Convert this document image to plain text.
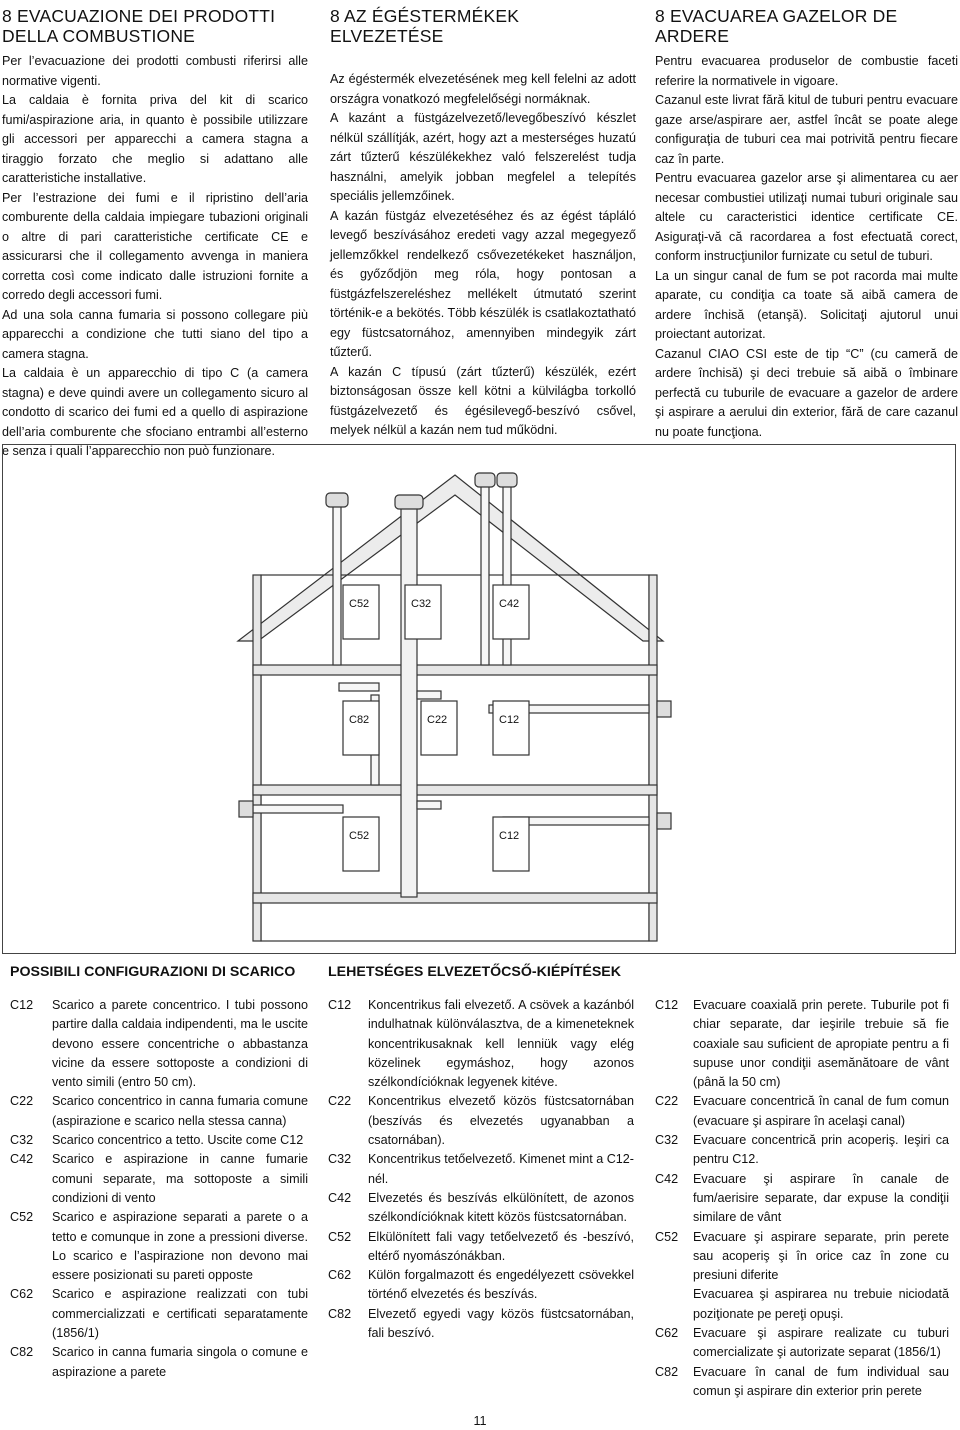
8 EVACUAZIONE DEI PRODOTTI DELLA COMBUSTIONE

Per l’evacuazione dei prodotti combusti riferirsi alle normative vigenti.

La caldaia è fornita priva del kit di scarico fumi/aspirazione aria, in quanto è possibile utilizzare gli accessori per apparecchi a camera stagna a tiraggio forzato che meglio si adattano alle caratteristiche installative.

Per l’estrazione dei fumi e il ripristino dell’aria comburente della caldaia impiegare tubazioni originali o altre di pari caratteristiche certificate CE e assicurarsi che il collegamento avvenga in maniera corretta così come indicato dalle istruzioni fornite a corredo degli accessori fumi.

Ad una sola canna fumaria si possono collegare più apparecchi a condizione che tutti siano del tipo a camera stagna.

La caldaia è un apparecchio di tipo C (a camera stagna) e deve quindi avere un collegamento sicuro al condotto di scarico dei fumi ed a quello di aspirazione dell’aria comburente che sfociano entrambi all’esterno e senza i quali l’apparecchio non può funzionare.

8 AZ ÉGÉSTERMÉKEK ELVEZETÉSE

Az égéstermék elvezetésének meg kell felelni az adott országra vonatkozó megfelelőségi normáknak.

A kazánt a füstgázelvezető/levegőbeszívó készlet nélkül szállítják, azért, hogy azt a mesterséges huzatú zárt tűzterű készülékekhez való felszerelést tudja használni, amelyik jobban megfelel a telepítés speciális jellemzőinek.

A kazán füstgáz elvezetéséhez és az égést tápláló levegő beszívásához eredeti vagy azzal megegyező jellemzőkkel rendelkező csővezetékeket használjon, és győződjön meg róla, hogy pontosan a füstgázfelszereléshez mellékelt útmutató szerint történik-e a bekötés. Több készülék is csatlakoztatható egy füstcsatornához, amennyiben mindegyik zárt tűzterű.

A kazán C típusú (zárt tűzterű) készülék, ezért biztonságosan össze kell kötni a külvilágba torkolló füstgázelvezető és égésilevegő-beszívó csővel, melyek nélkül a kazán nem tud működni.

8 EVACUAREA GAZELOR DE ARDERE

Pentru evacuarea produselor de combustie faceti referire la normativele in vigoare.

Cazanul este livrat fără kitul de tuburi pentru evacuare gaze arse/aspirare aer, astfel încât se poate alege configuraţia de tuburi cea mai potrivită pentru fiecare caz în parte.

Pentru evacuarea gazelor arse şi alimentarea cu aer necesar combustiei utilizaţi numai tuburi originale sau altele cu caracteristici identice certificate CE. Asiguraţi-vă că racordarea a fost efectuată corect, conform instrucţiunilor furnizate cu setul de tuburi.

La un singur canal de fum se pot racorda mai multe aparate, cu condiţia ca toate să aibă camera de ardere închisă (etanşă). Solicitaţi ajutorul unui proiectant autorizat.

Cazanul CIAO CSI este de tip “C” (cu cameră de ardere închisă) şi deci trebuie să aibă o îmbinare perfectă cu tuburile de evacuare a gazelor de ardere şi aspirare a aerului din exterior, fără de care cazanul nu poate funcţiona.

C52	C32	C42
C82	C22	C12
C52	C12
POSSIBILI CONFIGURAZIONI DI SCARICO LEHETSÉGES ELVEZETŐCSŐ-KIÉPÍTÉSEK
C12 Scarico a parete concentrico. I tubi possono partire dalla caldaia indipendenti, ma le uscite devono essere concentriche o abbastanza vicine da essere sottoposte a condizioni di vento simili (entro 50 cm).
C22 Scarico concentrico in canna fumaria comune (aspirazione e scarico nella stessa canna)
C32 Scarico concentrico a tetto. Uscite come C12
C42 Scarico e aspirazione in canne fumarie comuni separate, ma sottoposte a simili condizioni di vento
C52 Scarico e aspirazione separati a parete o a tetto e comunque in zone a pressioni diverse. Lo scarico e l’aspirazione non devono mai essere posizionati su pareti opposte
C62 Scarico e aspirazione realizzati con tubi commercializzati e certificati separatamente (1856/1)
C82 Scarico in canna fumaria singola o comune e aspirazione a parete
C12 Koncentrikus fali elvezető. A csövek a kazánból indulhatnak különválasztva, de a kimeneteknek koncentrikusaknak kell lenniük vagy elég közelinek egymáshoz, hogy azonos szélkondícióknak legyenek kitéve.
C22 Koncentrikus elvezető közös füstcsatornában (beszívás és elvezetés ugyanabban a csatornában).
C32 Koncentrikus tetőelvezető. Kimenet mint a C12-nél.
C42 Elvezetés és beszívás elkülönített, de azonos szélkondícióknak kitett közös füstcsatornában.
C52 Elkülönített fali vagy tetőelvezető és -beszívó, eltérő nyomászónákban.
C62 Külön forgalmazott és engedélyezett csövekkel történő elvezetés és beszívás.
C82 Elvezető egyedi vagy közös füstcsatornában, fali beszívó.
C12 Evacuare coaxială prin perete. Tuburile pot fi chiar separate, dar ieşirile trebuie să fie coaxiale sau suficient de apropiate pentru a fi supuse unor condiţii asemănătoare de vânt (până la 50 cm)
C22 Evacuare concentrică în canal de fum comun (evacuare şi aspirare în acelaşi canal)
C32 Evacuare concentrică prin acoperiş. Ieşiri ca pentru C12.
C42 Evacuare şi aspirare în canale de fum/aerisire separate, dar expuse la condiţii similare de vânt
C52 Evacuare şi aspirare separate, prin perete sau acoperiş şi în orice caz în zone cu presiuni diferite
Evacuarea şi aspirarea nu trebuie niciodată poziţionate pe pereţi opuşi.
C62 Evacuare şi aspirare realizate cu tuburi comercializate şi autorizate separat (1856/1)
C82 Evacuare în canal de fum individual sau comun şi aspirare din exterior prin perete
11
